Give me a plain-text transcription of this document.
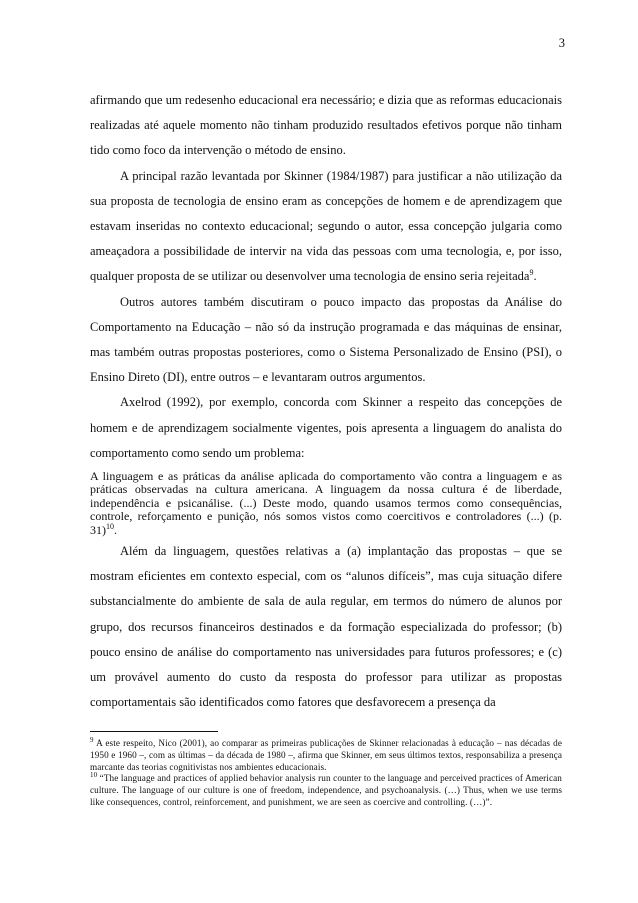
3

afirmando que um redesenho educacional era necessário; e dizia que as reformas educacionais realizadas até aquele momento não tinham produzido resultados efetivos porque não tinham tido como foco da intervenção o método de ensino.

A principal razão levantada por Skinner (1984/1987) para justificar a não utilização da sua proposta de tecnologia de ensino eram as concepções de homem e de aprendizagem que estavam inseridas no contexto educacional; segundo o autor, essa concepção julgaria como ameaçadora a possibilidade de intervir na vida das pessoas com uma tecnologia, e, por isso, qualquer proposta de se utilizar ou desenvolver uma tecnologia de ensino seria rejeitada$^9$.

Outros autores também discutiram o pouco impacto das propostas da Análise do Comportamento na Educação – não só da instrução programada e das máquinas de ensinar, mas também outras propostas posteriores, como o Sistema Personalizado de Ensino (PSI), o Ensino Direto (DI), entre outros – e levantaram outros argumentos.

Axelrod (1992), por exemplo, concorda com Skinner a respeito das concepções de homem e de aprendizagem socialmente vigentes, pois apresenta a linguagem do analista do comportamento como sendo um problema:

A linguagem e as práticas da análise aplicada do comportamento vão contra a linguagem e as práticas observadas na cultura americana. A linguagem da nossa cultura é de liberdade, independência e psicanálise. (...) Deste modo, quando usamos termos como consequências, controle, reforçamento e punição, nós somos vistos como coercitivos e controladores (...) (p. 31)$^{10}$.

Além da linguagem, questões relativas a (a) implantação das propostas – que se mostram eficientes em contexto especial, com os “alunos difíceis”, mas cuja situação difere substancialmente do ambiente de sala de aula regular, em termos do número de alunos por grupo, dos recursos financeiros destinados e da formação especializada do professor; (b) pouco ensino de análise do comportamento nas universidades para futuros professores; e (c) um provável aumento do custo da resposta do professor para utilizar as propostas comportamentais são identificados como fatores que desfavorecem a presença da

$^9$ A este respeito, Nico (2001), ao comparar as primeiras publicações de Skinner relacionadas à educação – nas décadas de 1950 e 1960 –, com as últimas – da década de 1980 –, afirma que Skinner, em seus últimos textos, responsabiliza a presença marcante das teorias cognitivistas nos ambientes educacionais.

$^{10}$ “The language and practices of applied behavior analysis run counter to the language and perceived practices of American culture. The language of our culture is one of freedom, independence, and psychoanalysis. (…) Thus, when we use terms like consequences, control, reinforcement, and punishment, we are seen as coercive and controlling. (…)”.
